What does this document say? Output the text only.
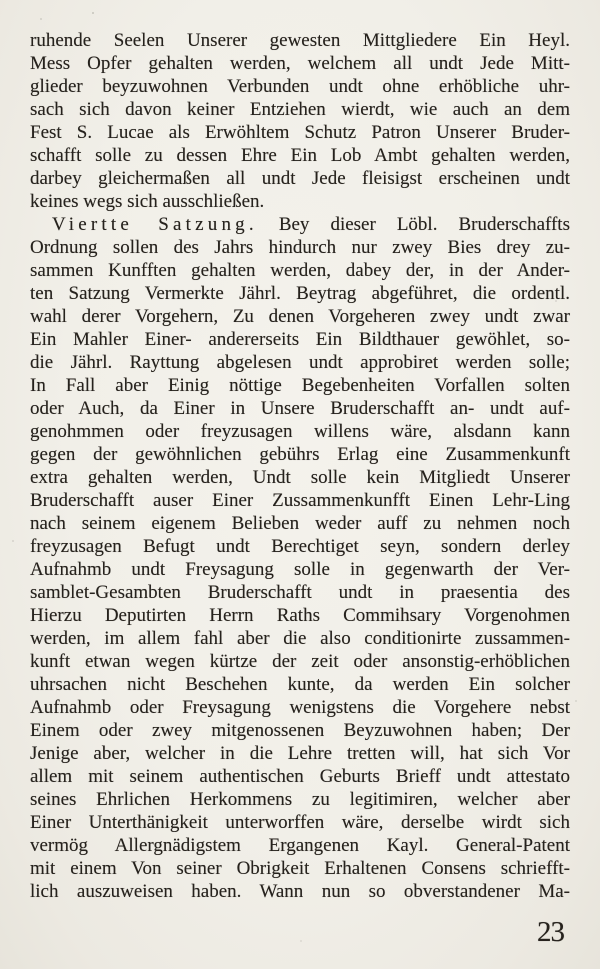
ruhende Seelen Unserer gewesten Mittgliedere Ein Heyl.
Mess Opfer gehalten werden, welchem all undt Jede Mitt-
glieder beyzuwohnen Verbunden undt ohne erhöbliche uhr-
sach sich davon keiner Entziehen wierdt, wie auch an dem
Fest S. Lucae als Erwöhltem Schutz Patron Unserer Bruder-
schafft solle zu dessen Ehre Ein Lob Ambt gehalten werden,
darbey gleichermaßen all undt Jede fleisigst erscheinen undt
keines wegs sich ausschließen.
Viertte Satzung. Bey dieser Löbl. Bruderschaffts
Ordnung sollen des Jahrs hindurch nur zwey Bies drey zu-
sammen Kunfften gehalten werden, dabey der, in der Ander-
ten Satzung Vermerkte Jährl. Beytrag abgeführet, die ordentl.
wahl derer Vorgehern, Zu denen Vorgeheren zwey undt zwar
Ein Mahler Einer- andererseits Ein Bildthauer gewöhlet, so-
die Jährl. Rayttung abgelesen undt approbiret werden solle;
In Fall aber Einig nöttige Begebenheiten Vorfallen solten
oder Auch, da Einer in Unsere Bruderschafft an- undt auf-
genohmmen oder freyzusagen willens wäre, alsdann kann
gegen der gewöhnlichen gebührs Erlag eine Zusammenkunft
extra gehalten werden, Undt solle kein Mitgliedt Unserer
Bruderschafft auser Einer Zussammenkunfft Einen Lehr-Ling
nach seinem eigenem Belieben weder auff zu nehmen noch
freyzusagen Befugt undt Berechtiget seyn, sondern derley
Aufnahmb undt Freysagung solle in gegenwarth der Ver-
samblet-Gesambten Bruderschafft undt in praesentia des
Hierzu Deputirten Herrn Raths Commihsary Vorgenohmen
werden, im allem fahl aber die also conditionirte zussammen-
kunft etwan wegen kürtze der zeit oder ansonstig-erhöblichen
uhrsachen nicht Beschehen kunte, da werden Ein solcher
Aufnahmb oder Freysagung wenigstens die Vorgehere nebst
Einem oder zwey mitgenossenen Beyzuwohnen haben; Der
Jenige aber, welcher in die Lehre tretten will, hat sich Vor
allem mit seinem authentischen Geburts Brieff undt attestato
seines Ehrlichen Herkommens zu legitimiren, welcher aber
Einer Unterthänigkeit unterworffen wäre, derselbe wirdt sich
vermög Allergnädigstem Ergangenen Kayl. General-Patent
mit einem Von seiner Obrigkeit Erhaltenen Consens schriefft-
lich auszuweisen haben. Wann nun so obverstandener Ma-
23
